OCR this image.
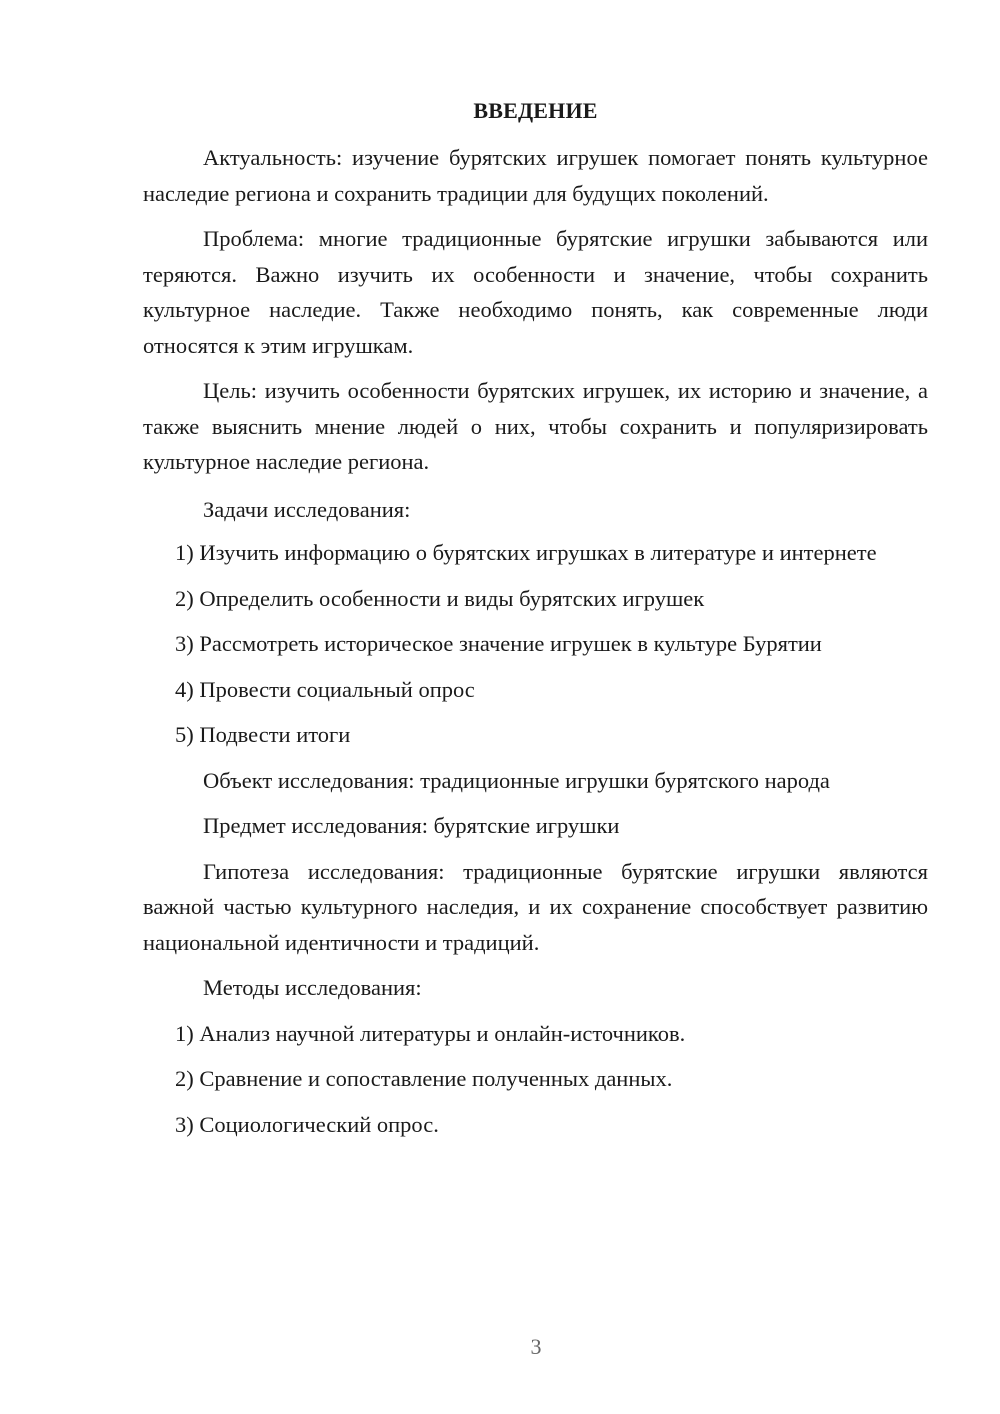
ВВЕДЕНИЕ

Актуальность: изучение бурятских игрушек помогает понять культурное наследие региона и сохранить традиции для будущих поколений.

Проблема: многие традиционные бурятские игрушки забываются или теряются. Важно изучить их особенности и значение, чтобы сохранить культурное наследие. Также необходимо понять, как современные люди относятся к этим игрушкам.

Цель: изучить особенности бурятских игрушек, их историю и значение, а также выяснить мнение людей о них, чтобы сохранить и популяризировать культурное наследие региона.

Задачи исследования:

1) Изучить информацию о бурятских игрушках в литературе и интернете

2) Определить особенности и виды бурятских игрушек

3) Рассмотреть историческое значение игрушек в культуре Бурятии

4) Провести социальный опрос

5) Подвести итоги

Объект исследования: традиционные игрушки бурятского народа

Предмет исследования: бурятские игрушки

Гипотеза исследования: традиционные бурятские игрушки являются важной частью культурного наследия, и их сохранение способствует развитию национальной идентичности и традиций.

Методы исследования:

1) Анализ научной литературы и онлайн-источников.

2) Сравнение и сопоставление полученных данных.

3) Социологический опрос.

3
